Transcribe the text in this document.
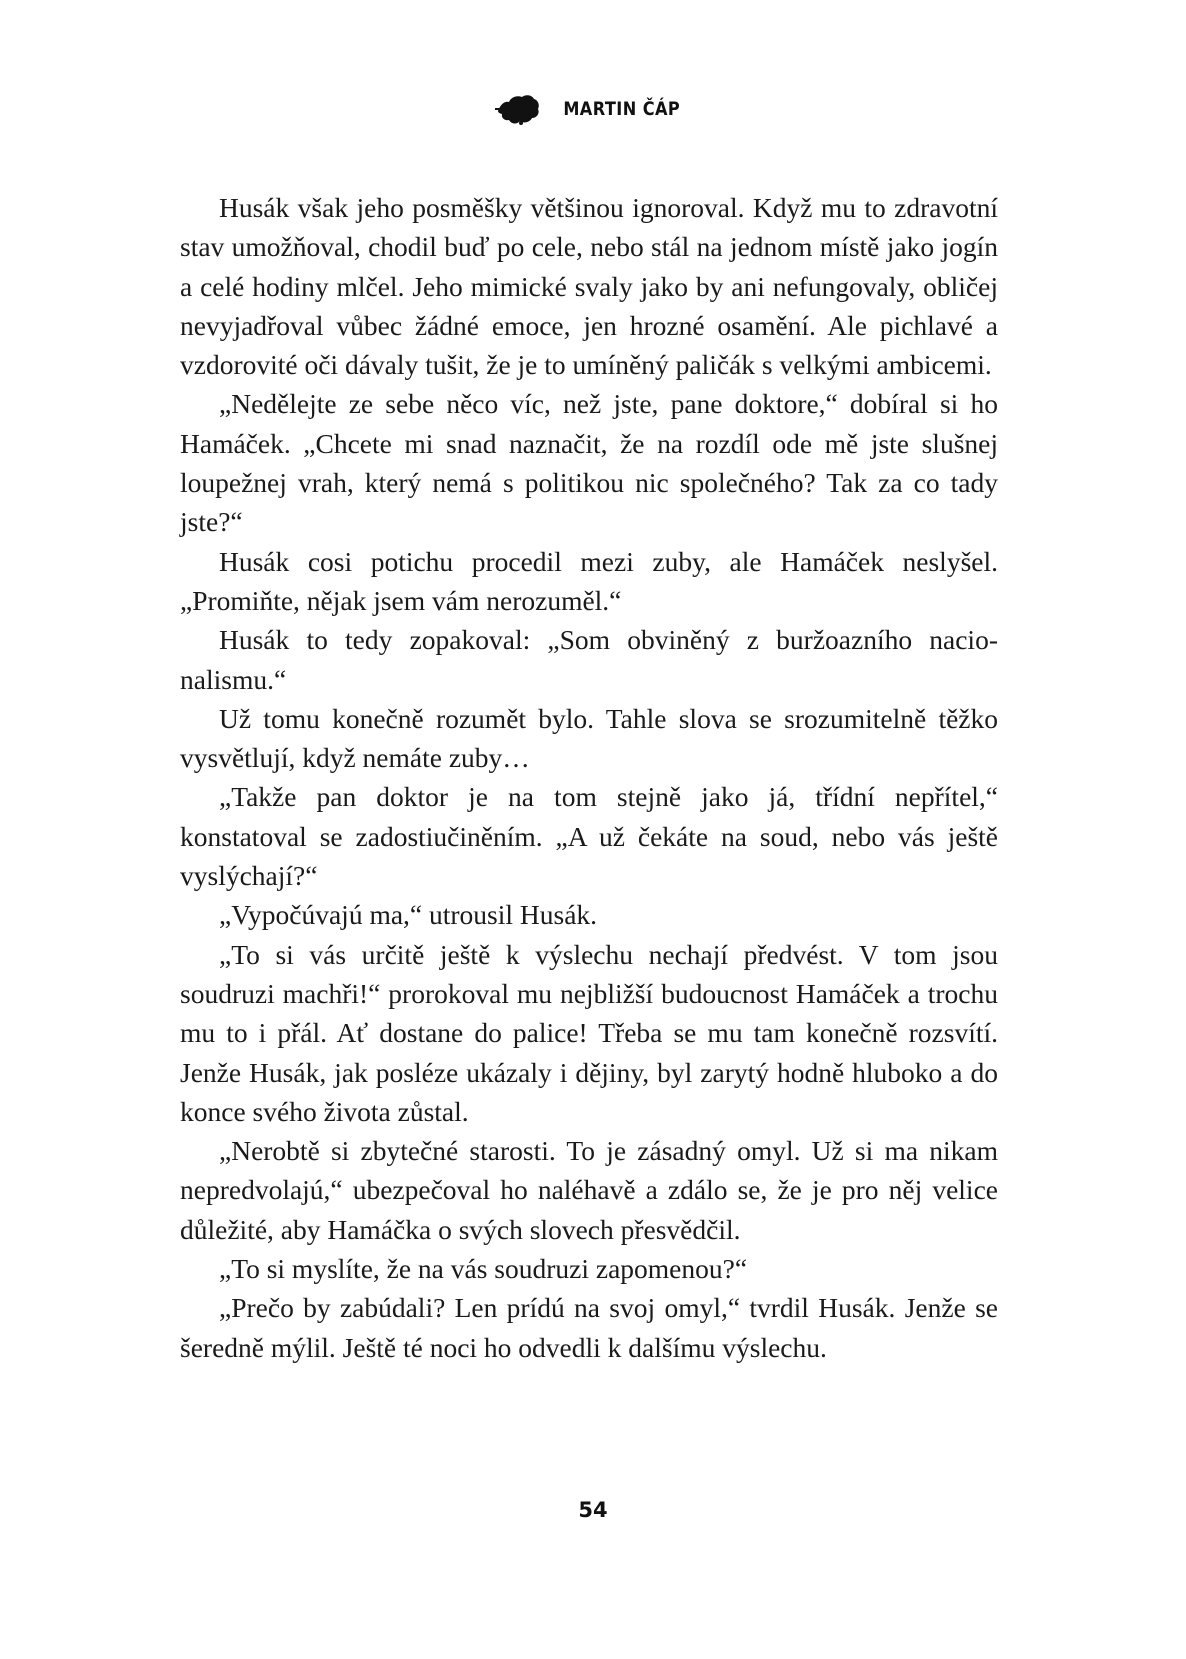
MARTIN ČÁP

Husák však jeho posměšky většinou ignoroval. Když mu to zdravotní stav umožňoval, chodil buď po cele, nebo stál na jednom místě jako jogín a celé hodiny mlčel. Jeho mimické svaly jako by ani nefungovaly, obličej nevyjadřoval vůbec žádné emoce, jen hrozné osamění. Ale pichlavé a vzdorovité oči dávaly tušit, že je to umíněný paličák s velkými ambicemi.

„Nedělejte ze sebe něco víc, než jste, pane doktore,“ dobíral si ho Hamáček. „Chcete mi snad naznačit, že na rozdíl ode mě jste slušnej loupežnej vrah, který nemá s politikou nic společného? Tak za co tady jste?“

Husák cosi potichu procedil mezi zuby, ale Hamáček neslyšel. „Promiňte, nějak jsem vám nerozuměl.“

Husák to tedy zopakoval: „Som obviněný z buržoazního nacionalismu.“

Už tomu konečně rozumět bylo. Tahle slova se srozumitelně těžko vysvětlují, když nemáte zuby…

„Takže pan doktor je na tom stejně jako já, třídní nepřítel,“ konstatoval se zadostiučiněním. „A už čekáte na soud, nebo vás ještě vyslýchají?“

„Vypočúvajú ma,“ utrousil Husák.

„To si vás určitě ještě k výslechu nechají předvést. V tom jsou soudruzi machři!“ prorokoval mu nejbližší budoucnost Hamáček a trochu mu to i přál. Ať dostane do palice! Třeba se mu tam konečně rozsvítí. Jenže Husák, jak posléze ukázaly i dějiny, byl zarytý hodně hluboko a do konce svého života zůstal.

„Nerobtě si zbytečné starosti. To je zásadný omyl. Už si ma nikam nepredvolajú,“ ubezpečoval ho naléhavě a zdálo se, že je pro něj velice důležité, aby Hamáčka o svých slovech přesvědčil.

„To si myslíte, že na vás soudruzi zapomenou?“

„Prečo by zabúdali? Len prídú na svoj omyl,“ tvrdil Husák. Jenže se šeredně mýlil. Ještě té noci ho odvedli k dalšímu výslechu.

54
